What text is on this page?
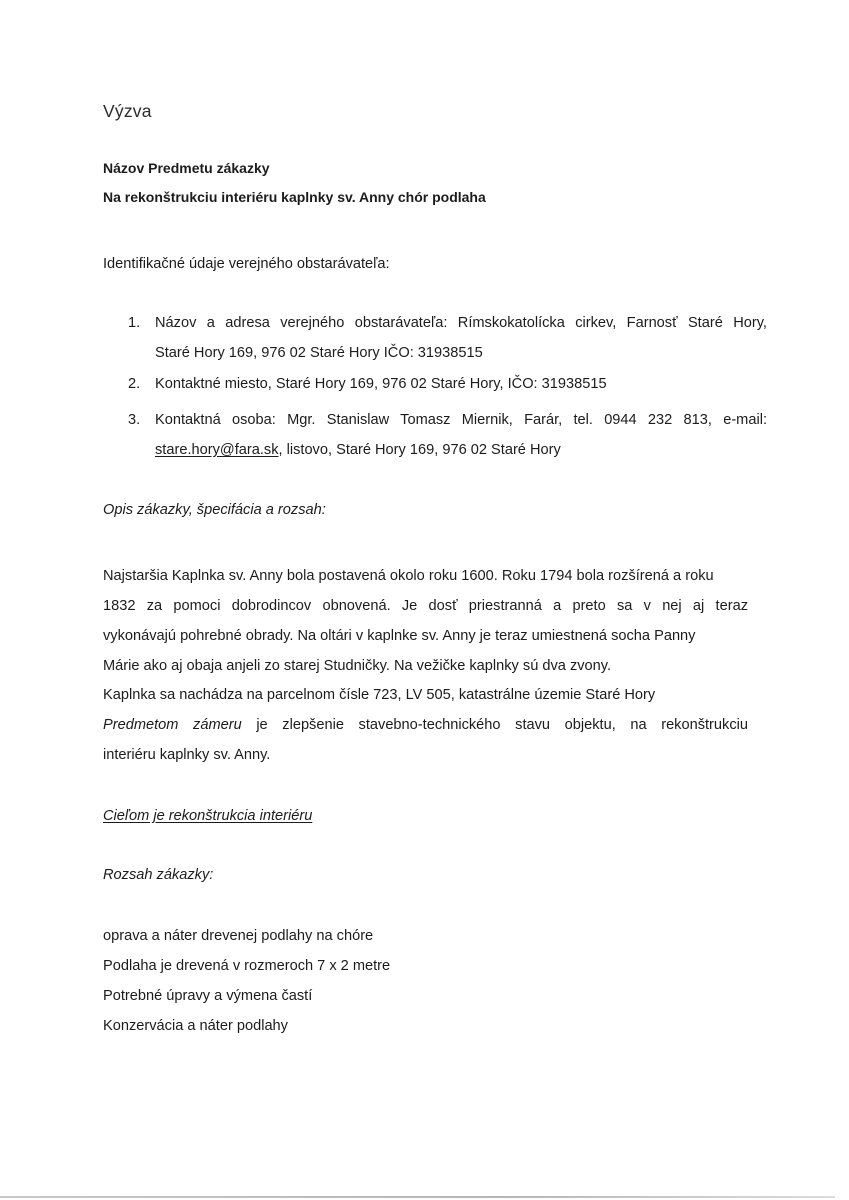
Výzva
Názov Predmetu zákazky
Na rekonštrukciu interiéru kaplnky sv. Anny chór podlaha
Identifikačné údaje verejného obstarávateľa:
1. Názov a adresa verejného obstarávateľa: Rímskokatolícka cirkev, Farnosť Staré Hory,
Staré Hory 169, 976 02 Staré Hory IČO: 31938515
2. Kontaktné miesto, Staré Hory 169, 976 02 Staré Hory, IČO: 31938515
3. Kontaktná osoba: Mgr. Stanislaw Tomasz Miernik, Farár, tel. 0944 232 813, e-mail:
stare.hory@fara.sk, listovo, Staré Hory 169, 976 02 Staré Hory
Opis zákazky, špecifácia a rozsah:
Najstaršia Kaplnka sv. Anny bola postavená okolo roku 1600. Roku 1794 bola rozšírená a roku
1832 za pomoci dobrodincov obnovená. Je dosť priestranná a preto sa v nej aj teraz
vykonávajú pohrebné obrady. Na oltári v kaplnke sv. Anny je teraz umiestnená socha Panny
Márie ako aj obaja anjeli zo starej Studničky. Na vežičke kaplnky sú dva zvony.
Kaplnka sa nachádza na parcelnom čísle 723, LV 505, katastrálne územie Staré Hory
Predmetom zámeru je zlepšenie stavebno-technického stavu objektu, na rekonštrukciu
interiéru kaplnky sv. Anny.
Cieľom je rekonštrukcia interiéru
Rozsah zákazky:
oprava a náter drevenej podlahy na chóre
Podlaha je drevená v rozmeroch 7 x 2 metre
Potrebné úpravy a výmena častí
Konzervácia a náter podlahy
